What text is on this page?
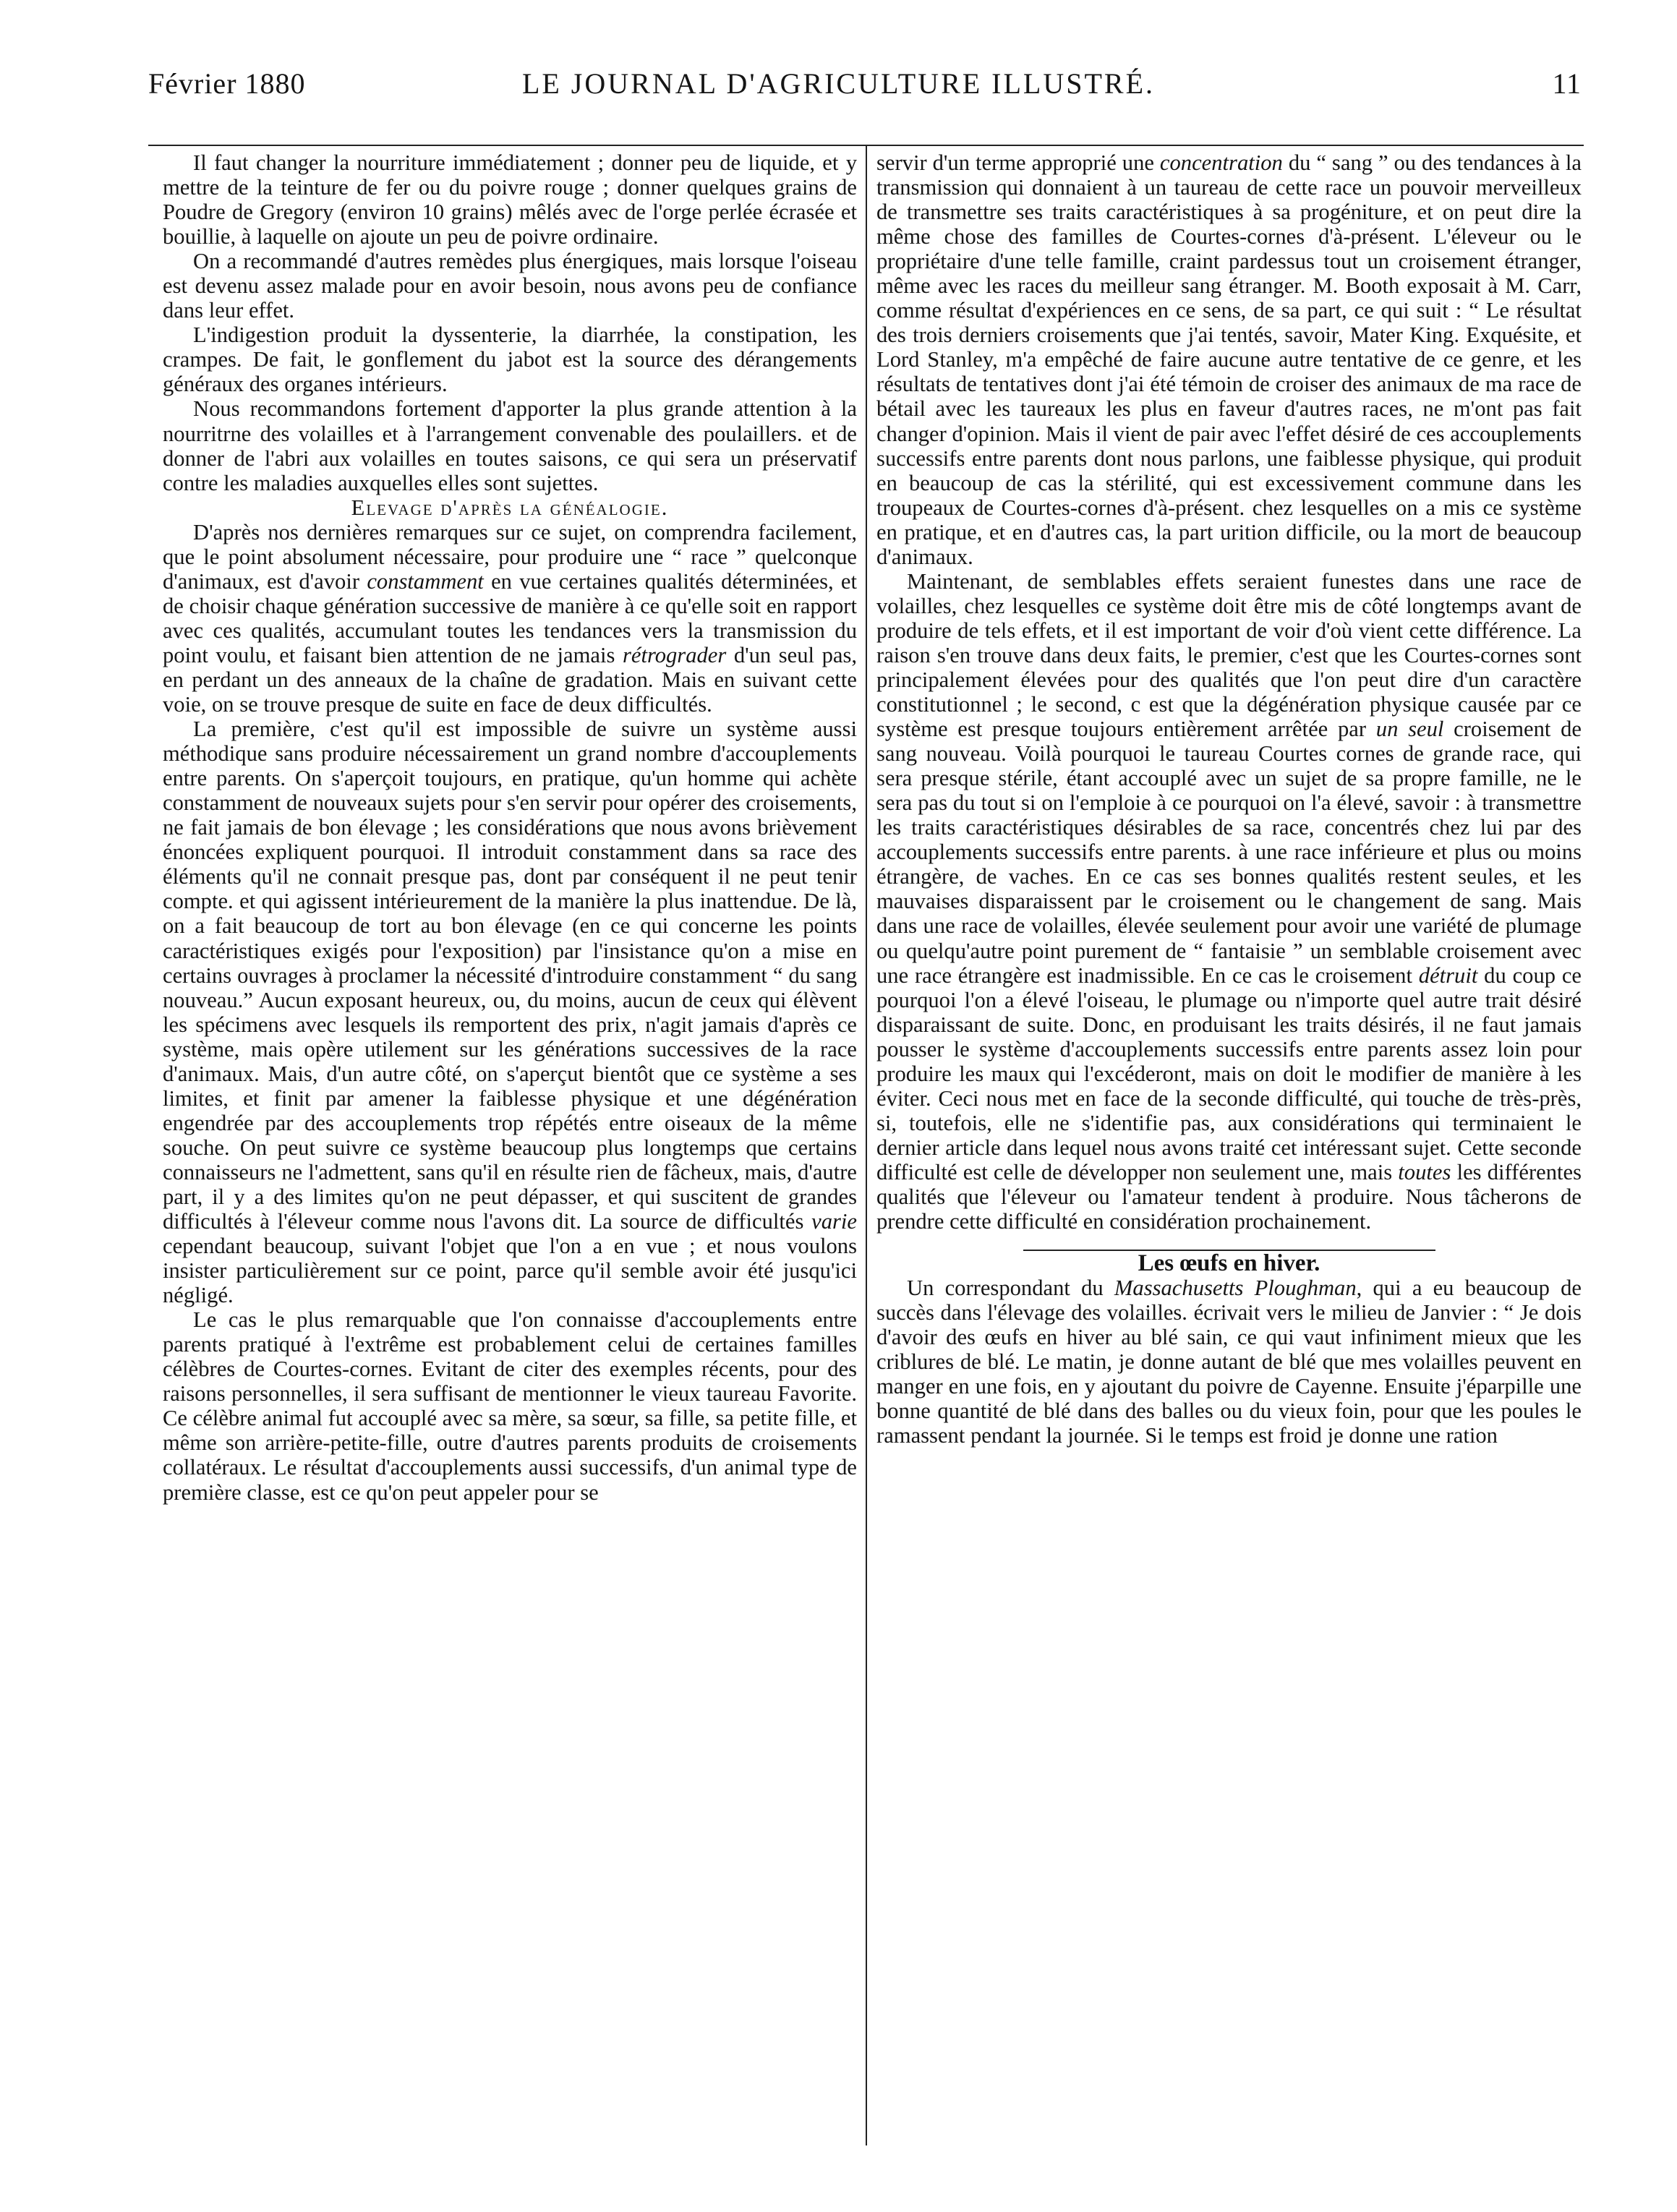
Février 1880	LE JOURNAL D'AGRICULTURE ILLUSTRÉ.	11

Il faut changer la nourriture immédiatement ; donner peu de liquide, et y mettre de la teinture de fer ou du poivre rouge ; donner quelques grains de Poudre de Gregory (environ 10 grains) mêlés avec de l'orge perlée écrasée et bouillie, à laquelle on ajoute un peu de poivre ordinaire.

On a recommandé d'autres remèdes plus énergiques, mais lorsque l'oiseau est devenu assez malade pour en avoir besoin, nous avons peu de confiance dans leur effet.

L'indigestion produit la dyssenterie, la diarrhée, la constipation, les crampes. De fait, le gonflement du jabot est la source des dérangements généraux des organes intérieurs.

Nous recommandons fortement d'apporter la plus grande attention à la nourritrne des volailles et à l'arrangement convenable des poulaillers. et de donner de l'abri aux volailles en toutes saisons, ce qui sera un préservatif contre les maladies auxquelles elles sont sujettes.

Elevage d'après la généalogie.

D'après nos dernières remarques sur ce sujet, on comprendra facilement, que le point absolument nécessaire, pour produire une “ race ” quelconque d'animaux, est d'avoir constamment en vue certaines qualités déterminées, et de choisir chaque génération successive de manière à ce qu'elle soit en rapport avec ces qualités, accumulant toutes les tendances vers la transmission du point voulu, et faisant bien attention de ne jamais rétrograder d'un seul pas, en perdant un des anneaux de la chaîne de gradation. Mais en suivant cette voie, on se trouve presque de suite en face de deux difficultés.

La première, c'est qu'il est impossible de suivre un système aussi méthodique sans produire nécessairement un grand nombre d'accouplements entre parents. On s'aperçoit toujours, en pratique, qu'un homme qui achète constamment de nouveaux sujets pour s'en servir pour opérer des croisements, ne fait jamais de bon élevage ; les considérations que nous avons brièvement énoncées expliquent pourquoi. Il introduit constamment dans sa race des éléments qu'il ne connait presque pas, dont par conséquent il ne peut tenir compte. et qui agissent intérieurement de la manière la plus inattendue. De là, on a fait beaucoup de tort au bon élevage (en ce qui concerne les points caractéristiques exigés pour l'exposition) par l'insistance qu'on a mise en certains ouvrages à proclamer la nécessité d'introduire constamment “ du sang nouveau.” Aucun exposant heureux, ou, du moins, aucun de ceux qui élèvent les spécimens avec lesquels ils remportent des prix, n'agit jamais d'après ce système, mais opère utilement sur les générations successives de la race d'animaux. Mais, d'un autre côté, on s'aperçut bientôt que ce système a ses limites, et finit par amener la faiblesse physique et une dégénération engendrée par des accouplements trop répétés entre oiseaux de la même souche. On peut suivre ce système beaucoup plus longtemps que certains connaisseurs ne l'admettent, sans qu'il en résulte rien de fâcheux, mais, d'autre part, il y a des limites qu'on ne peut dépasser, et qui suscitent de grandes difficultés à l'éleveur comme nous l'avons dit. La source de difficultés varie cependant beaucoup, suivant l'objet que l'on a en vue ; et nous voulons insister particulièrement sur ce point, parce qu'il semble avoir été jusqu'ici négligé.

Le cas le plus remarquable que l'on connaisse d'accouplements entre parents pratiqué à l'extrême est probablement celui de certaines familles célèbres de Courtes-cornes. Evitant de citer des exemples récents, pour des raisons personnelles, il sera suffisant de mentionner le vieux taureau Favorite. Ce célèbre animal fut accouplé avec sa mère, sa sœur, sa fille, sa petite fille, et même son arrière-petite-fille, outre d'autres parents produits de croisements collatéraux. Le résultat d'accouplements aussi successifs, d'un animal type de première classe, est ce qu'on peut appeler pour se

servir d'un terme approprié une concentration du “ sang ” ou des tendances à la transmission qui donnaient à un taureau de cette race un pouvoir merveilleux de transmettre ses traits caractéristiques à sa progéniture, et on peut dire la même chose des familles de Courtes-cornes d'à-présent. L'éleveur ou le propriétaire d'une telle famille, craint pardessus tout un croisement étranger, même avec les races du meilleur sang étranger. M. Booth exposait à M. Carr, comme résultat d'expériences en ce sens, de sa part, ce qui suit : “ Le résultat des trois derniers croisements que j'ai tentés, savoir, Mater King. Exquésite, et Lord Stanley, m'a empêché de faire aucune autre tentative de ce genre, et les résultats de tentatives dont j'ai été témoin de croiser des animaux de ma race de bétail avec les taureaux les plus en faveur d'autres races, ne m'ont pas fait changer d'opinion. Mais il vient de pair avec l'effet désiré de ces accouplements successifs entre parents dont nous parlons, une faiblesse physique, qui produit en beaucoup de cas la stérilité, qui est excessivement commune dans les troupeaux de Courtes-cornes d'à-présent. chez lesquelles on a mis ce système en pratique, et en d'autres cas, la part urition difficile, ou la mort de beaucoup d'animaux.

Maintenant, de semblables effets seraient funestes dans une race de volailles, chez lesquelles ce système doit être mis de côté longtemps avant de produire de tels effets, et il est important de voir d'où vient cette différence. La raison s'en trouve dans deux faits, le premier, c'est que les Courtes-cornes sont principalement élevées pour des qualités que l'on peut dire d'un caractère constitutionnel ; le second, c est que la dégénération physique causée par ce système est presque toujours entièrement arrêtée par un seul croisement de sang nouveau. Voilà pourquoi le taureau Courtes cornes de grande race, qui sera presque stérile, étant accouplé avec un sujet de sa propre famille, ne le sera pas du tout si on l'emploie à ce pourquoi on l'a élevé, savoir : à transmettre les traits caractéristiques désirables de sa race, concentrés chez lui par des accouplements successifs entre parents. à une race inférieure et plus ou moins étrangère, de vaches. En ce cas ses bonnes qualités restent seules, et les mauvaises disparaissent par le croisement ou le changement de sang. Mais dans une race de volailles, élevée seulement pour avoir une variété de plumage ou quelqu'autre point purement de “ fantaisie ” un semblable croisement avec une race étrangère est inadmissible. En ce cas le croisement détruit du coup ce pourquoi l'on a élevé l'oiseau, le plumage ou n'importe quel autre trait désiré disparaissant de suite. Donc, en produisant les traits désirés, il ne faut jamais pousser le système d'accouplements successifs entre parents assez loin pour produire les maux qui l'excéderont, mais on doit le modifier de manière à les éviter. Ceci nous met en face de la seconde difficulté, qui touche de très-près, si, toutefois, elle ne s'identifie pas, aux considérations qui terminaient le dernier article dans lequel nous avons traité cet intéressant sujet. Cette seconde difficulté est celle de développer non seulement une, mais toutes les différentes qualités que l'éleveur ou l'amateur tendent à produire. Nous tâcherons de prendre cette difficulté en considération prochainement.

Les œufs en hiver.

Un correspondant du Massachusetts Ploughman, qui a eu beaucoup de succès dans l'élevage des volailles. écrivait vers le milieu de Janvier : “ Je dois d'avoir des œufs en hiver au blé sain, ce qui vaut infiniment mieux que les criblures de blé. Le matin, je donne autant de blé que mes volailles peuvent en manger en une fois, en y ajoutant du poivre de Cayenne. Ensuite j'éparpille une bonne quantité de blé dans des balles ou du vieux foin, pour que les poules le ramassent pendant la journée. Si le temps est froid je donne une ration
